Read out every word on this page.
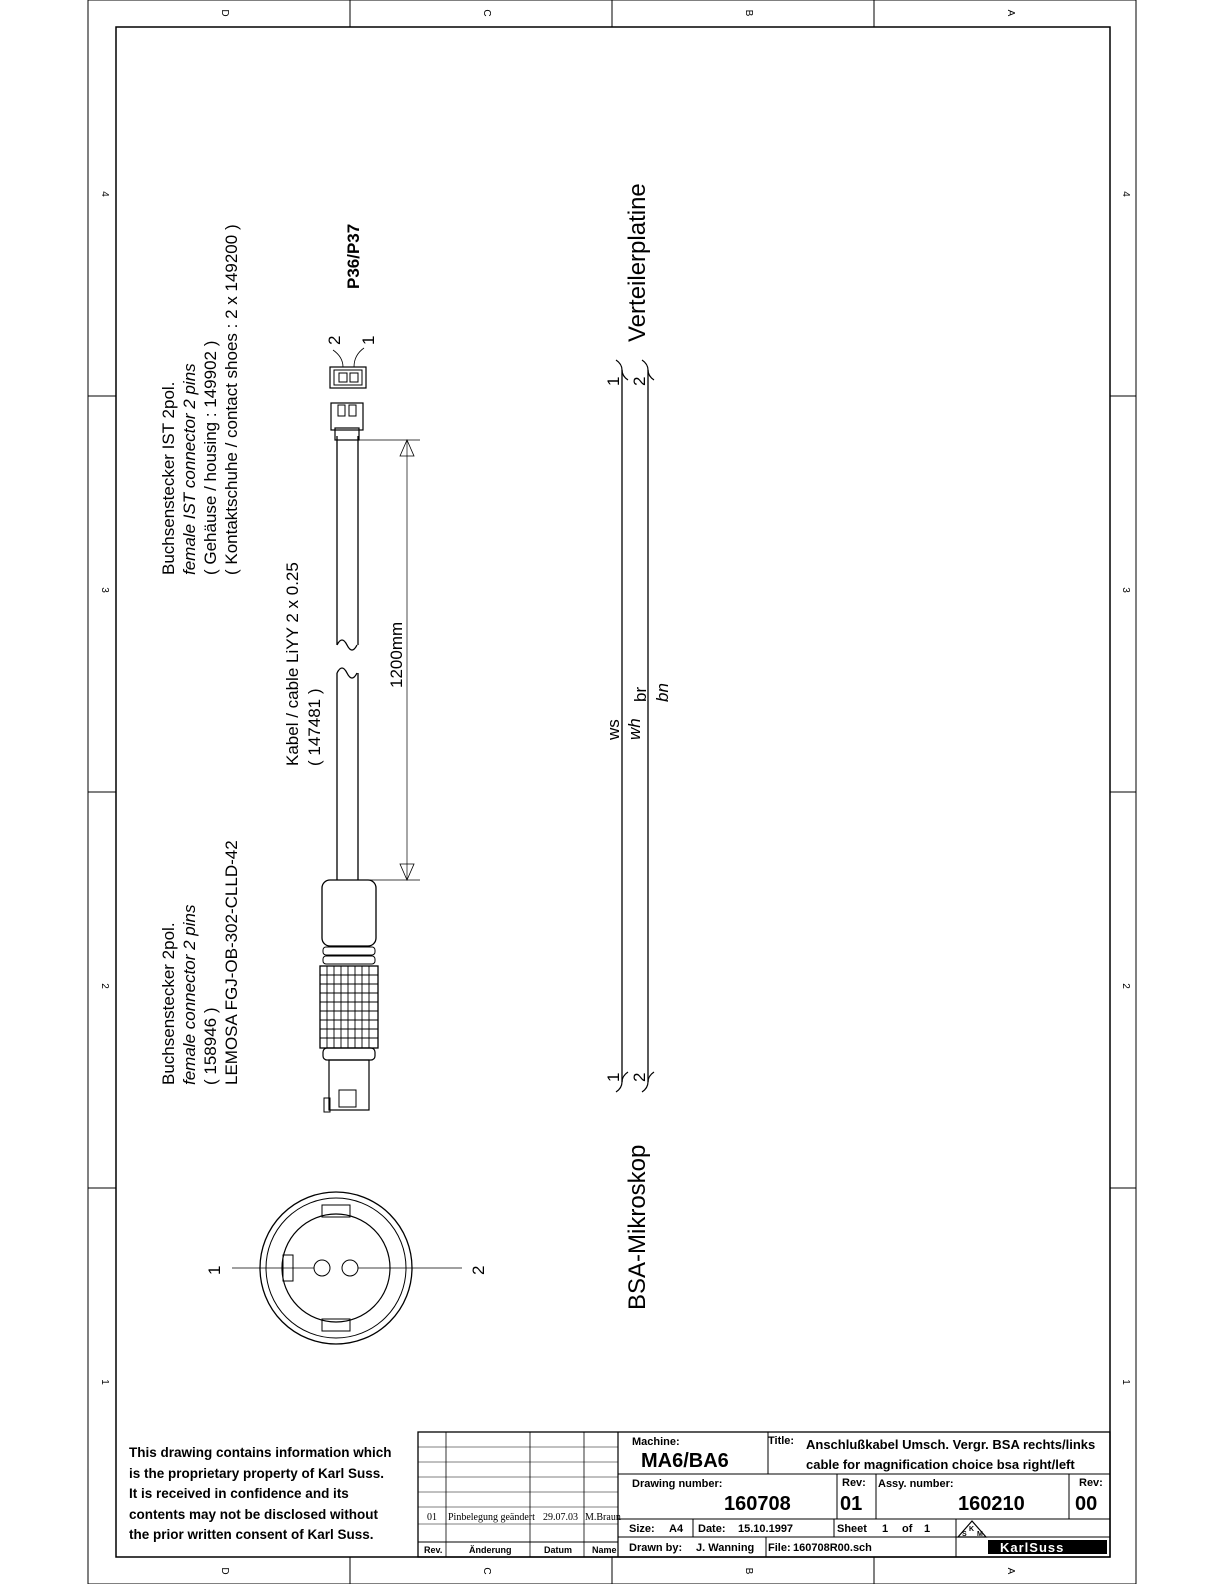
D	C	B	A
D	C	B	A
4
3
2
1
4
3
2
1
Buchsenstecker 2pol. female connector 2 pins ( 158946 ) LEMOSA FGJ-OB-302-CLLD-42
Buchsenstecker IST 2pol. female IST connector 2 pins ( Gehäuse / housing : 149902 ) ( Kontaktschuhe / contact shoes : 2 x 149200 )
Kabel / cable LiYY 2 x 0.25 ( 147481 )
P36/P37
1200mm
2 1
1	2
1 2
1 2
ws wh
br bn
BSA-Mikroskop
Verteilerplatine
This drawing contains information which
is the proprietary property of Karl Suss.
It is received in confidence and its
contents may not be disclosed without
the prior written consent of Karl Suss.
01 Pinbelegung geändert 29.07.03 M.Braun
Rev.	Änderung	Datum Name
Machine:
MA6/BA6
Title: Anschlußkabel Umsch. Vergr. BSA rechts/links
cable for magnification choice bsa right/left
Drawing number:
160708
Rev:
01
Assy. number:
160210
Rev:
00
Size: A4 Date: 15.10.1997	Sheet 1 of 1
Drawn by: J. Wanning File: 160708R00.sch
K
S M
KarlSuss
